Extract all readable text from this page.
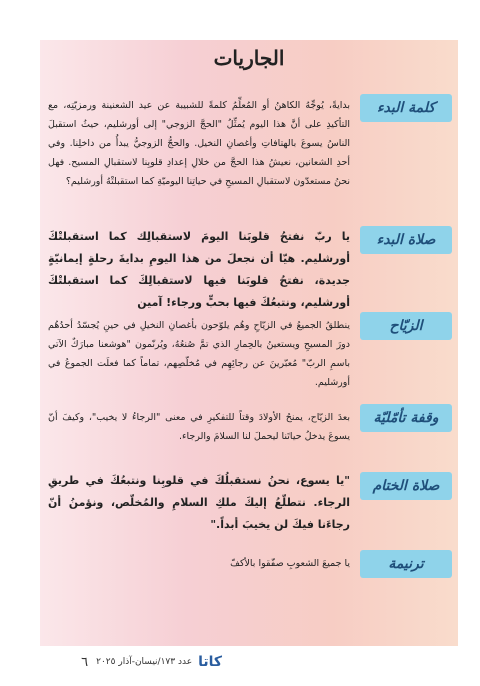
الجاريات
كلمة البدء
بدايةً، يُوجِّهُ الكاهنُ أو المُعلِّمُ كلمةً للشبيبة عن عيد الشعنينة ورمزيّتِه، مع التأكيدِ على أنَّ هذا اليوم يُمثِّلُ "الحجَّ الزوجي" إلى أورشليم، حيثُ استقبلَ الناسُ يسوعَ بالهتافاتِ وأغصانِ النخيل. والحجُّ الزوجيُّ يبدأُ من داخلِنا. وفي أحدِ الشعانين، نعيشُ هذا الحجَّ من خلالِ إعدادِ قلوبِنا لاستقبالِ المسيح. فهل نحنُ مستعدّون لاستقبالِ المسيحِ في حياتِنا اليوميّةِ كما استقبلتْهُ أورشليم؟
صلاة البدء
يا ربّ نفتحُ قلوبَنا اليومَ لاستقبالِك كما استقبلتْكَ أورشليم. هيّا أن نجعلَ من هذا اليومِ بدايةَ رحلةٍ إيمانيّةٍ جديدة، نفتحُ قلوبَنا فيها لاستقبالِكَ كما استقبلتْكَ أورشليم، ونتبعُكَ فيها بحبٍّ ورجاء! آمين
الزيّاح
ينطلقُ الجميعُ في الزيّاحِ وهُم يلوّحون بأغصانِ النخيلِ في حينِ يُجسّدُ أحدُهُم دورَ المسيحِ ويستعينُ بالحِمارِ الذي تمَّ صُنعُهُ، ويُرنّمون "هوشعنا مبارَكٌ الآتي باسمِ الربّ" مُعبّرينَ عن رجائِهِم في مُخلّصِهم، تماماً كما فعلَت الجموعُ في أورشليم.
وقفة تأمّليّة
بعدَ الزيّاح، يمنحُ الأولادَ وقتاً للتفكيرِ في معنى "الرجاءُ لا يخيب"، وكيفَ أنّ يسوعَ يدخلُ حياتَنا ليحملَ لنا السلامَ والرجاء.
صلاة الختام
"يا يسوع، نحنُ نستقبلُكَ في قلوبِنا ونتبعُكَ في طريقِ الرجاء. نتطلّعُ إليكَ ملكِ السلامِ والمُخلّص، ونؤمنُ أنّ رجاءَنا فيكَ لن يخيبَ أبداً."
ترنيمة
يا جميعَ الشعوبِ صفّقوا بالأكفّ
كاتا
عدد ١٧٣/نيسان-آذار ٢٠٢٥
٦
